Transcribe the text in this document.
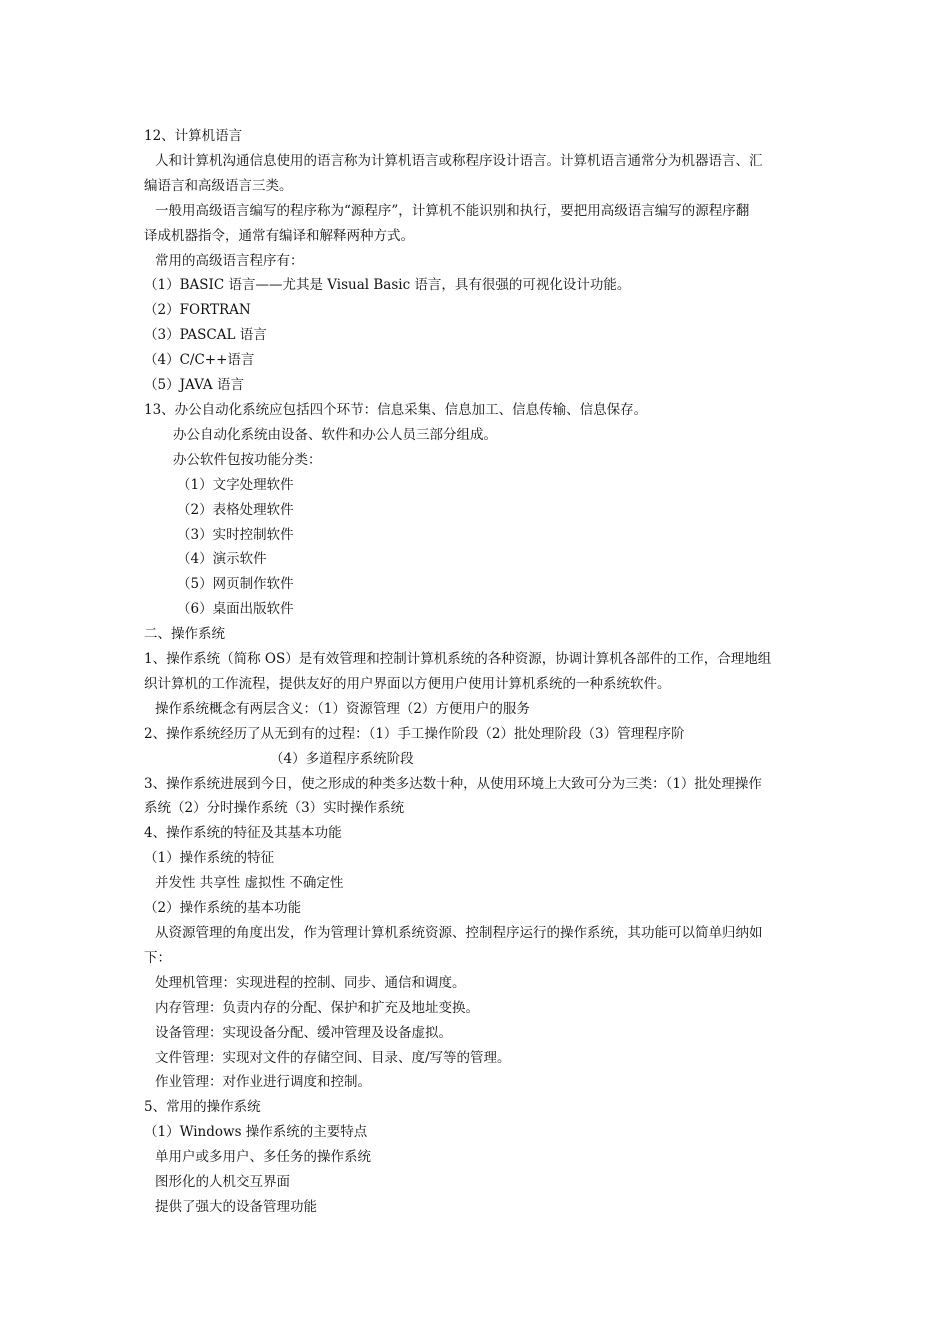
12、计算机语言
人和计算机沟通信息使用的语言称为计算机语言或称程序设计语言。计算机语言通常分为机器语言、汇
编语言和高级语言三类。
一般用高级语言编写的程序称为“源程序”，计算机不能识别和执行，要把用高级语言编写的源程序翻
译成机器指令，通常有编译和解释两种方式。
常用的高级语言程序有：
（1）BASIC 语言——尤其是 Visual Basic 语言，具有很强的可视化设计功能。
（2）FORTRAN
（3）PASCAL 语言
（4）C/C++语言
（5）JAVA 语言
13、办公自动化系统应包括四个环节：信息采集、信息加工、信息传输、信息保存。
办公自动化系统由设备、软件和办公人员三部分组成。
办公软件包按功能分类：
（1）文字处理软件
（2）表格处理软件
（3）实时控制软件
（4）演示软件
（5）网页制作软件
（6）桌面出版软件
二、操作系统
1、操作系统（简称 OS）是有效管理和控制计算机系统的各种资源，协调计算机各部件的工作，合理地组
织计算机的工作流程，提供友好的用户界面以方便用户使用计算机系统的一种系统软件。
操作系统概念有两层含义：（1）资源管理（2）方便用户的服务
2、操作系统经历了从无到有的过程：（1）手工操作阶段（2）批处理阶段（3）管理程序阶
（4）多道程序系统阶段
3、操作系统进展到今日，使之形成的种类多达数十种，从使用环境上大致可分为三类：（1）批处理操作
系统（2）分时操作系统（3）实时操作系统
4、操作系统的特征及其基本功能
（1）操作系统的特征
并发性 共享性 虚拟性 不确定性
（2）操作系统的基本功能
从资源管理的角度出发，作为管理计算机系统资源、控制程序运行的操作系统，其功能可以简单归纳如
下：
处理机管理：实现进程的控制、同步、通信和调度。
内存管理：负责内存的分配、保护和扩充及地址变换。
设备管理：实现设备分配、缓冲管理及设备虚拟。
文件管理：实现对文件的存储空间、目录、度/写等的管理。
作业管理：对作业进行调度和控制。
5、常用的操作系统
（1）Windows 操作系统的主要特点
单用户或多用户、多任务的操作系统
图形化的人机交互界面
提供了强大的设备管理功能
